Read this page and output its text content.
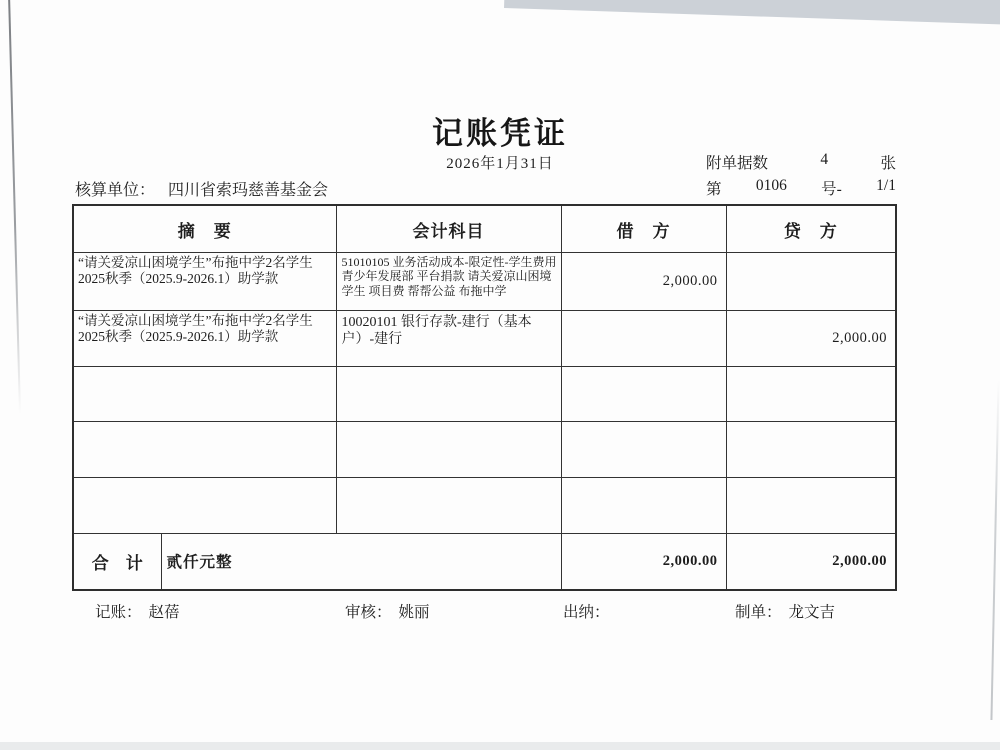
记账凭证
2026年1月31日	附单据数	4	张
第 0106 号- 1/1
核算单位： 四川省索玛慈善基金会
摘　要		会计科目	借　方	贷　方
“请关爱凉山困境学生”布拖中学2名学生2025秋季（2025.9-2026.1）助学款		51010105 业务活动成本-限定性-学生费用 青少年发展部 平台捐款 请关爱凉山困境学生 项目费 帮帮公益 布拖中学	2,000.00	
“请关爱凉山困境学生”布拖中学2名学生2025秋季（2025.9-2026.1）助学款		10020101 银行存款-建行（基本户）-建行		2,000.00

合　计	贰仟元整		2,000.00	2,000.00
记账： 赵蓓	审核： 姚丽	出纳：	制单： 龙文吉
